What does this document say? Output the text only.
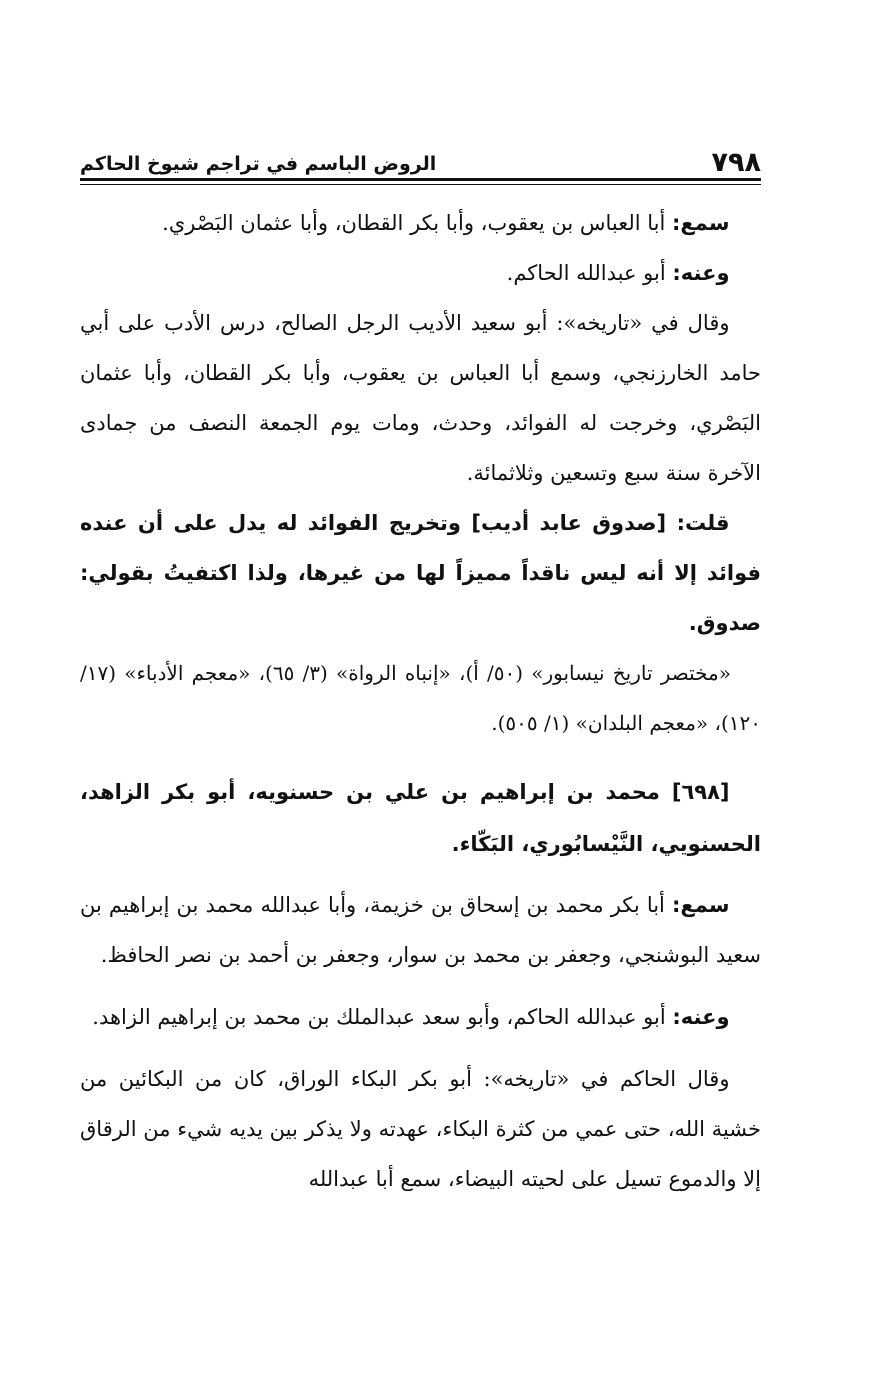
٧٩٨
الروض الباسم في تراجم شيوخ الحاكم

سمع: أبا العباس بن يعقوب، وأبا بكر القطان، وأبا عثمان البَصْري.

وعنه: أبو عبدالله الحاكم.

وقال في «تاريخه»: أبو سعيد الأديب الرجل الصالح، درس الأدب على أبي حامد الخارزنجي، وسمع أبا العباس بن يعقوب، وأبا بكر القطان، وأبا عثمان البَصْري، وخرجت له الفوائد، وحدث، ومات يوم الجمعة النصف من جمادى الآخرة سنة سبع وتسعين وثلاثمائة.

قلت: [صدوق عابد أديب] وتخريج الفوائد له يدل على أن عنده فوائد إلا أنه ليس ناقداً مميزاً لها من غيرها، ولذا اكتفيتُ بقولي: صدوق.

«مختصر تاريخ نيسابور» (٥٠/ أ)، «إنباه الرواة» (٣/ ٦٥)، «معجم الأدباء» (١٧/ ١٢٠)، «معجم البلدان» (١/ ٥٠٥).

[٦٩٨] محمد بن إبراهيم بن علي بن حسنويه، أبو بكر الزاهد، الحسنويي، النَّيْسابُوري، البَكّاء.

سمع: أبا بكر محمد بن إسحاق بن خزيمة، وأبا عبدالله محمد بن إبراهيم بن سعيد البوشنجي، وجعفر بن محمد بن سوار، وجعفر بن أحمد بن نصر الحافظ.

وعنه: أبو عبدالله الحاكم، وأبو سعد عبدالملك بن محمد بن إبراهيم الزاهد.

وقال الحاكم في «تاريخه»: أبو بكر البكاء الوراق، كان من البكائين من خشية الله، حتى عمي من كثرة البكاء، عهدته ولا يذكر بين يديه شيء من الرقاق إلا والدموع تسيل على لحيته البيضاء، سمع أبا عبدالله
